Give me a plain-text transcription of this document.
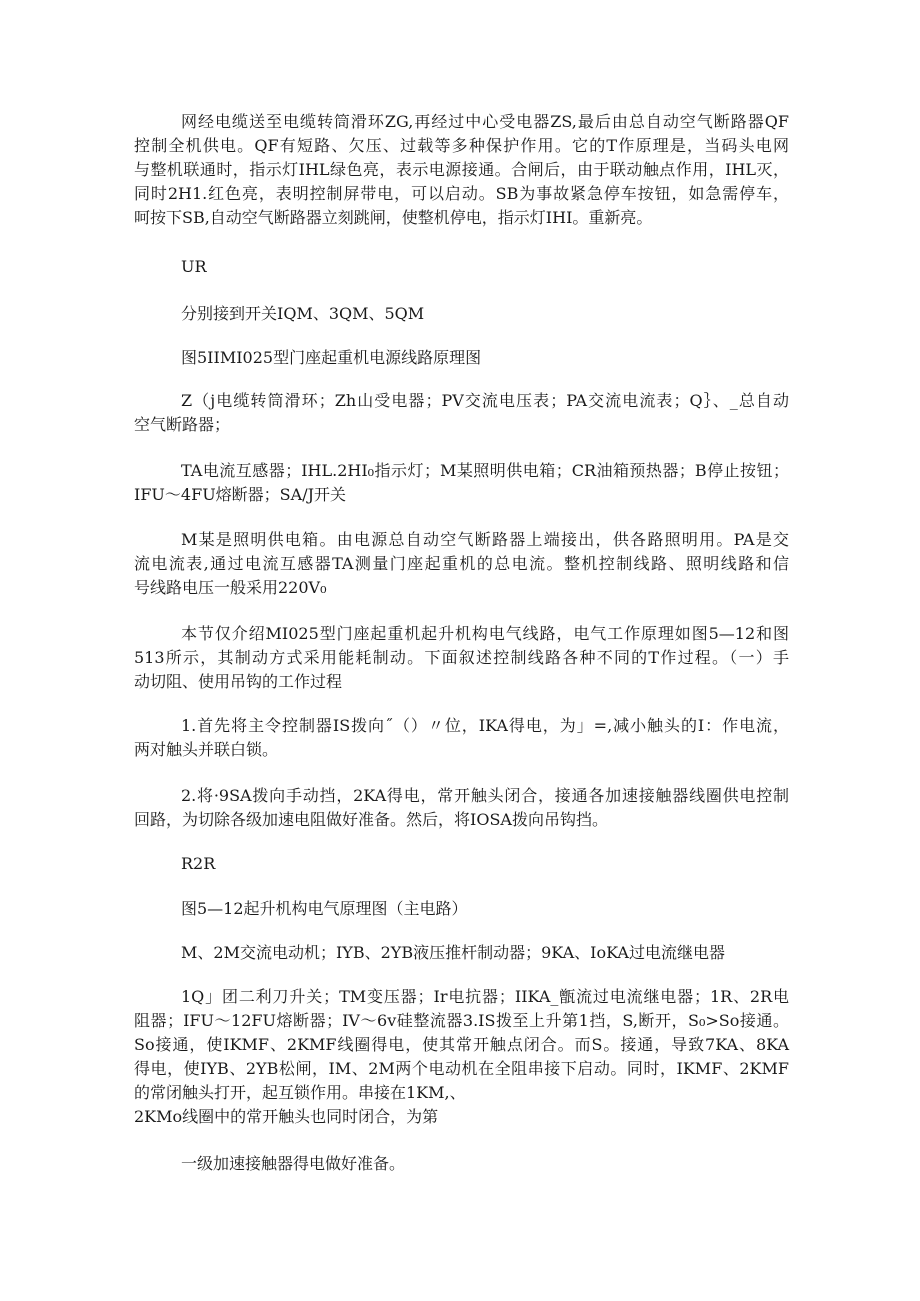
网经电缆送至电缆转筒滑环ZG,再经过中心受电器ZS,最后由总自动空气断路器QF
控制全机供电。QF有短路、欠压、过载等多种保护作用。它的T作原理是，当码头电网
与整机联通时，指示灯IHL绿色亮，表示电源接通。合闸后，由于联动触点作用，IHL灭，
同时2H1.红色亮，表明控制屏带电，可以启动。SB为事故紧急停车按钮，如急需停车，
呵按下SB,自动空气断路器立刻跳闸，使整机停电，指示灯IHI。重新亮。

UR

分别接到开关IQM、3QM、5QM

图5IIMI025型门座起重机电源线路原理图

Z（j电缆转筒滑环；Zh山受电器；PV交流电压表；PA交流电流表；Q｝、_总自动
空气断路器；
TA电流互感器；IHL.2HI₀指示灯；M某照明供电箱；CR油箱预热器；B停止按钮；
IFU～4FU熔断器；SA/J开关
M某是照明供电箱。由电源总自动空气断路器上端接出，供各路照明用。PA是交
流电流表,通过电流互感器TA测量门座起重机的总电流。整机控制线路、照明线路和信
号线路电压一般采用220V₀
本节仅介绍MI025型门座起重机起升机构电气线路，电气工作原理如图5—12和图
513所示，其制动方式采用能耗制动。下面叙述控制线路各种不同的T作过程。（一）手
动切阻、使用吊钩的工作过程
1.首先将主令控制器IS拨向˝（）〃位，IKA得电，为」=,减小触头的I：作电流，
两对触头并联白锁。
2.将·9SA拨向手动挡，2KA得电，常开触头闭合，接通各加速接触器线圈供电控制
回路，为切除各级加速电阻做好准备。然后，将IOSA拨向吊钩挡。

R2R

图5—12起升机构电气原理图（主电路）

M、2M交流电动机；IYB、2YB液压推杆制动器；9KA、IoKA过电流继电器

1Q」团二利刀升关；TM变压器；Ir电抗器；IIKA_甑流过电流继电器；1R、2R电
阻器；IFU～12FU熔断器；IV～6v硅整流器3.IS拨至上升第1挡，S,断开，S₀>So接通。
So接通，使IKMF、2KMF线圈得电，使其常开触点闭合。而S。接通，导致7KA、8KA
得电，使IYB、2YB松闸，IM、2M两个电动机在全阻串接下启动。同时，IKMF、2KMF
的常闭触头打开，起互锁作用。串接在1KM,、
2KMo线圈中的常开触头也同时闭合，为第

一级加速接触器得电做好准备。
